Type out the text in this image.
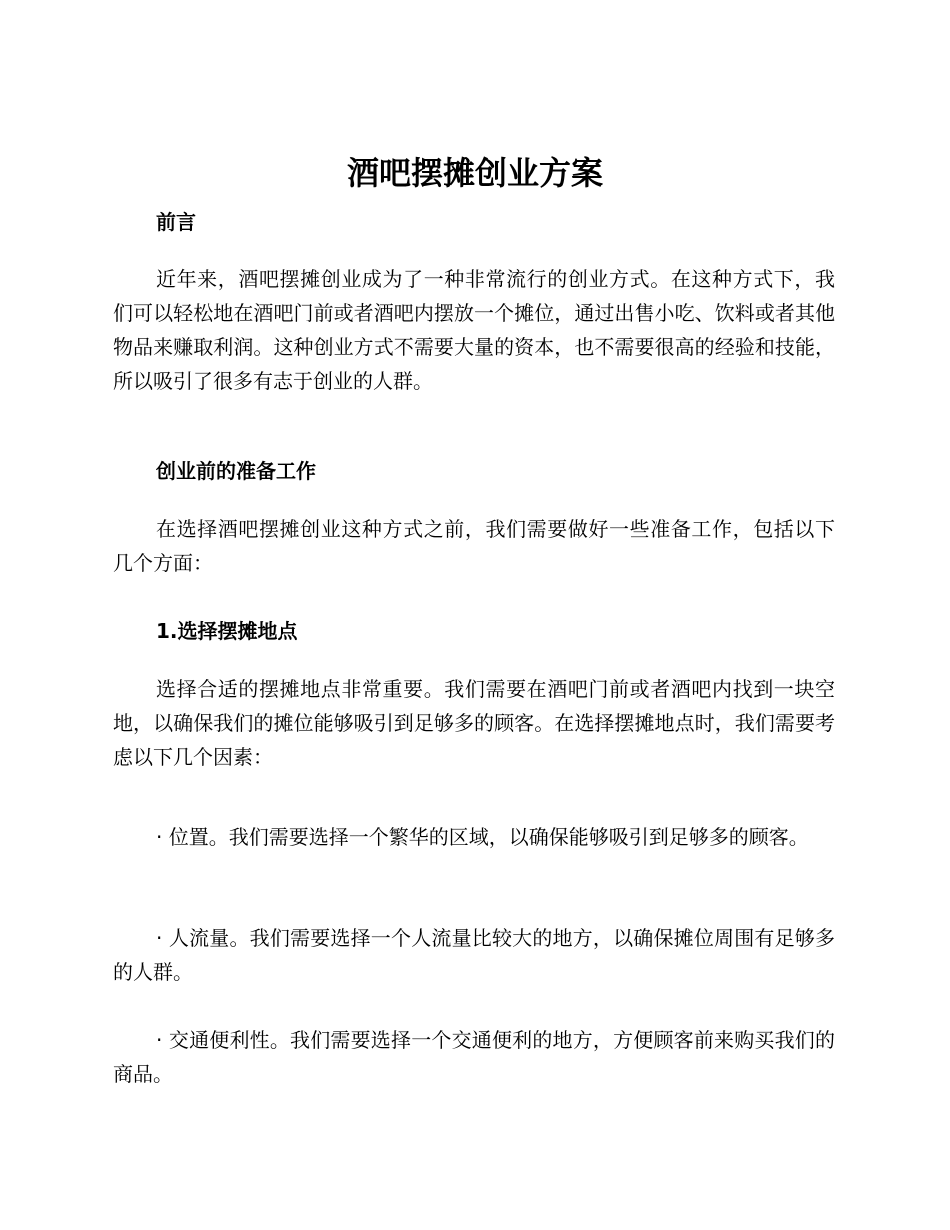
酒吧摆摊创业方案
前言
近年来，酒吧摆摊创业成为了一种非常流行的创业方式。在这种方式下，我们可以轻松地在酒吧门前或者酒吧内摆放一个摊位，通过出售小吃、饮料或者其他物品来赚取利润。这种创业方式不需要大量的资本，也不需要很高的经验和技能，所以吸引了很多有志于创业的人群。
创业前的准备工作
在选择酒吧摆摊创业这种方式之前，我们需要做好一些准备工作，包括以下几个方面：
1.选择摆摊地点
选择合适的摆摊地点非常重要。我们需要在酒吧门前或者酒吧内找到一块空地，以确保我们的摊位能够吸引到足够多的顾客。在选择摆摊地点时，我们需要考虑以下几个因素：
· 位置。我们需要选择一个繁华的区域，以确保能够吸引到足够多的顾客。
· 人流量。我们需要选择一个人流量比较大的地方，以确保摊位周围有足够多的人群。
· 交通便利性。我们需要选择一个交通便利的地方，方便顾客前来购买我们的商品。
